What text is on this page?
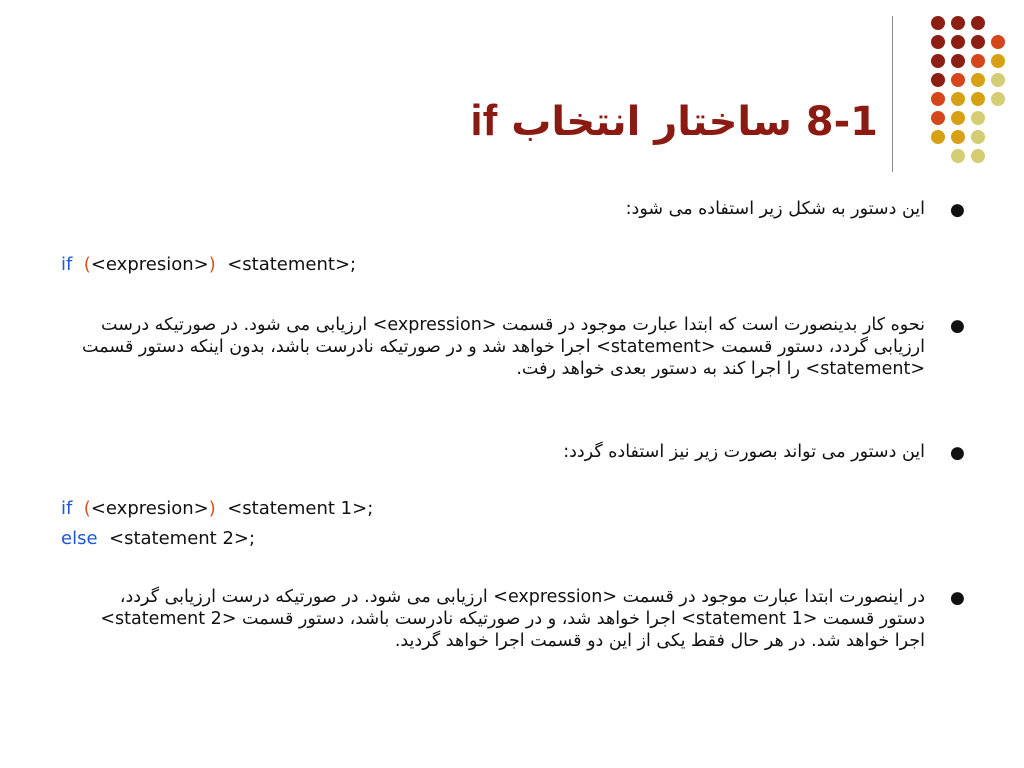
8-1 ساختار انتخاب if
●
این دستور به شکل زیر استفاده می شود:
if (<expresion>) <statement>;
●
نحوه کار بدینصورت است که ابتدا عبارت موجود در قسمت <expression> ارزیابی می شود. در صورتیکه درست ارزیابی گردد، دستور قسمت <statement> اجرا خواهد شد و در صورتیکه نادرست باشد، بدون اینکه دستور قسمت <statement> را اجرا کند به دستور بعدی خواهد رفت.
●
این دستور می تواند بصورت زیر نیز استفاده گردد:
if (<expresion>) <statement 1>;
else <statement 2>;
●
در اینصورت ابتدا عبارت موجود در قسمت <expression> ارزیابی می شود. در صورتیکه درست ارزیابی گردد، دستور قسمت <statement 1> اجرا خواهد شد، و در صورتیکه نادرست باشد، دستور قسمت <statement 2> اجرا خواهد شد. در هر حال فقط یکی از این دو قسمت اجرا خواهد گردید.
